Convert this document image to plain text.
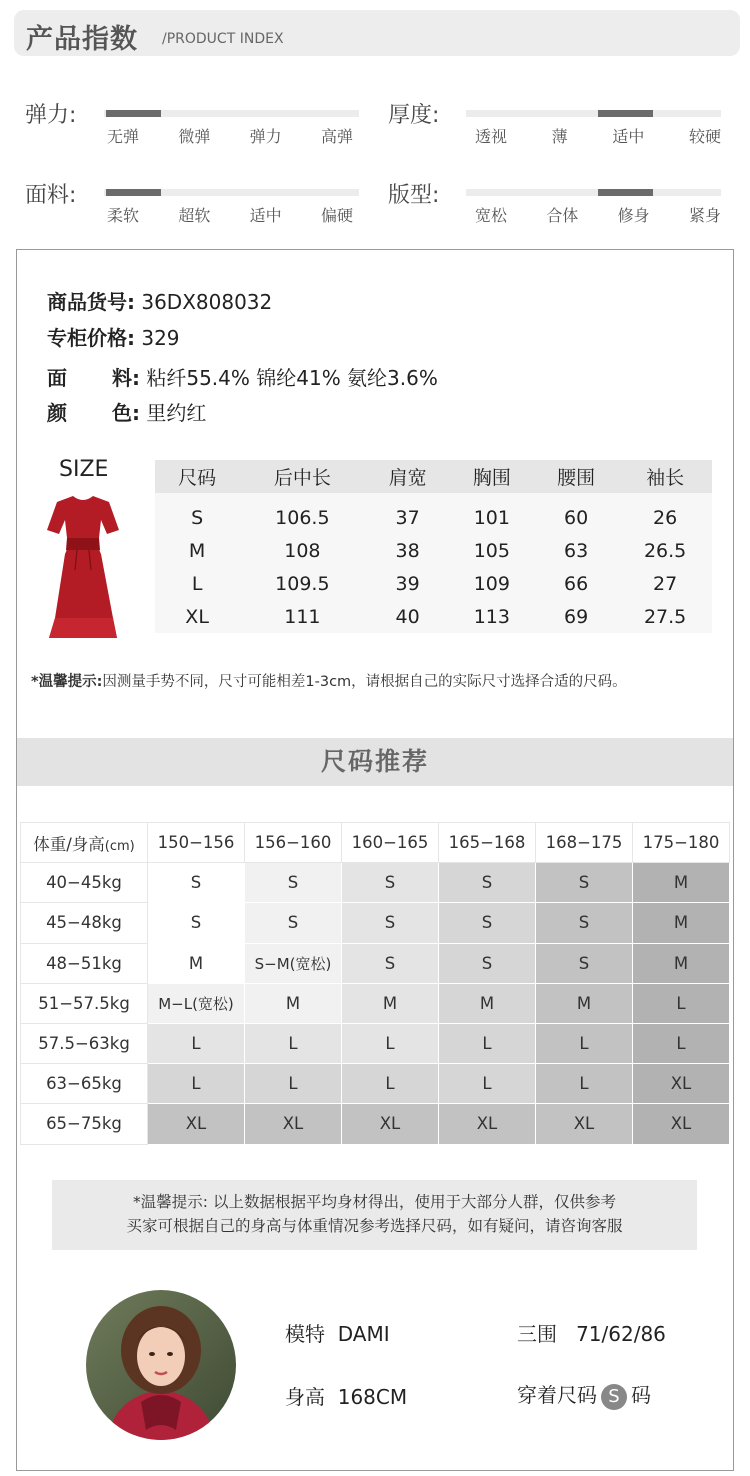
产品指数 /PRODUCT INDEX
弹力:
无弹 微弹 弹力 高弹
厚度:
透视	薄	适中	较硬
面料:
柔软 超软 适中 偏硬
版型:
宽松 合体 修身 紧身
商品货号: 36DX808032
专柜价格: 329
面 料: 粘纤55.4% 锦纶41% 氨纶3.6%
颜 色: 里约红
SIZE	尺码	后中长	肩宽	胸围	腰围	袖长
S	106.5	37	101	60	26
M	108	38	105	63	26.5
L	109.5	39	109	66	27
XL	111	40	113	69	27.5
*温馨提示:因测量手势不同，尺寸可能相差1-3cm，请根据自己的实际尺寸选择合适的尺码。
尺码推荐
体重/身高(cm)	150−156	156−160	160−165	165−168	168−175	175−180
40−45kg	S	S	S	S	S	M
45−48kg	S	S	S	S	S	M
48−51kg	M	S−M(宽松)	S	S	S	M
51−57.5kg	M−L(宽松)	M	M	M	M	L
57.5−63kg	L	L	L	L	L	L
63−65kg	L	L	L	L	L	XL
65−75kg	XL	XL	XL	XL	XL	XL
*温馨提示: 以上数据根据平均身材得出，使用于大部分人群，仅供参考
买家可根据自己的身高与体重情况参考选择尺码，如有疑问，请咨询客服
模特 DAMI
身高 168CM
三围 71/62/86
穿着尺码 S 码
